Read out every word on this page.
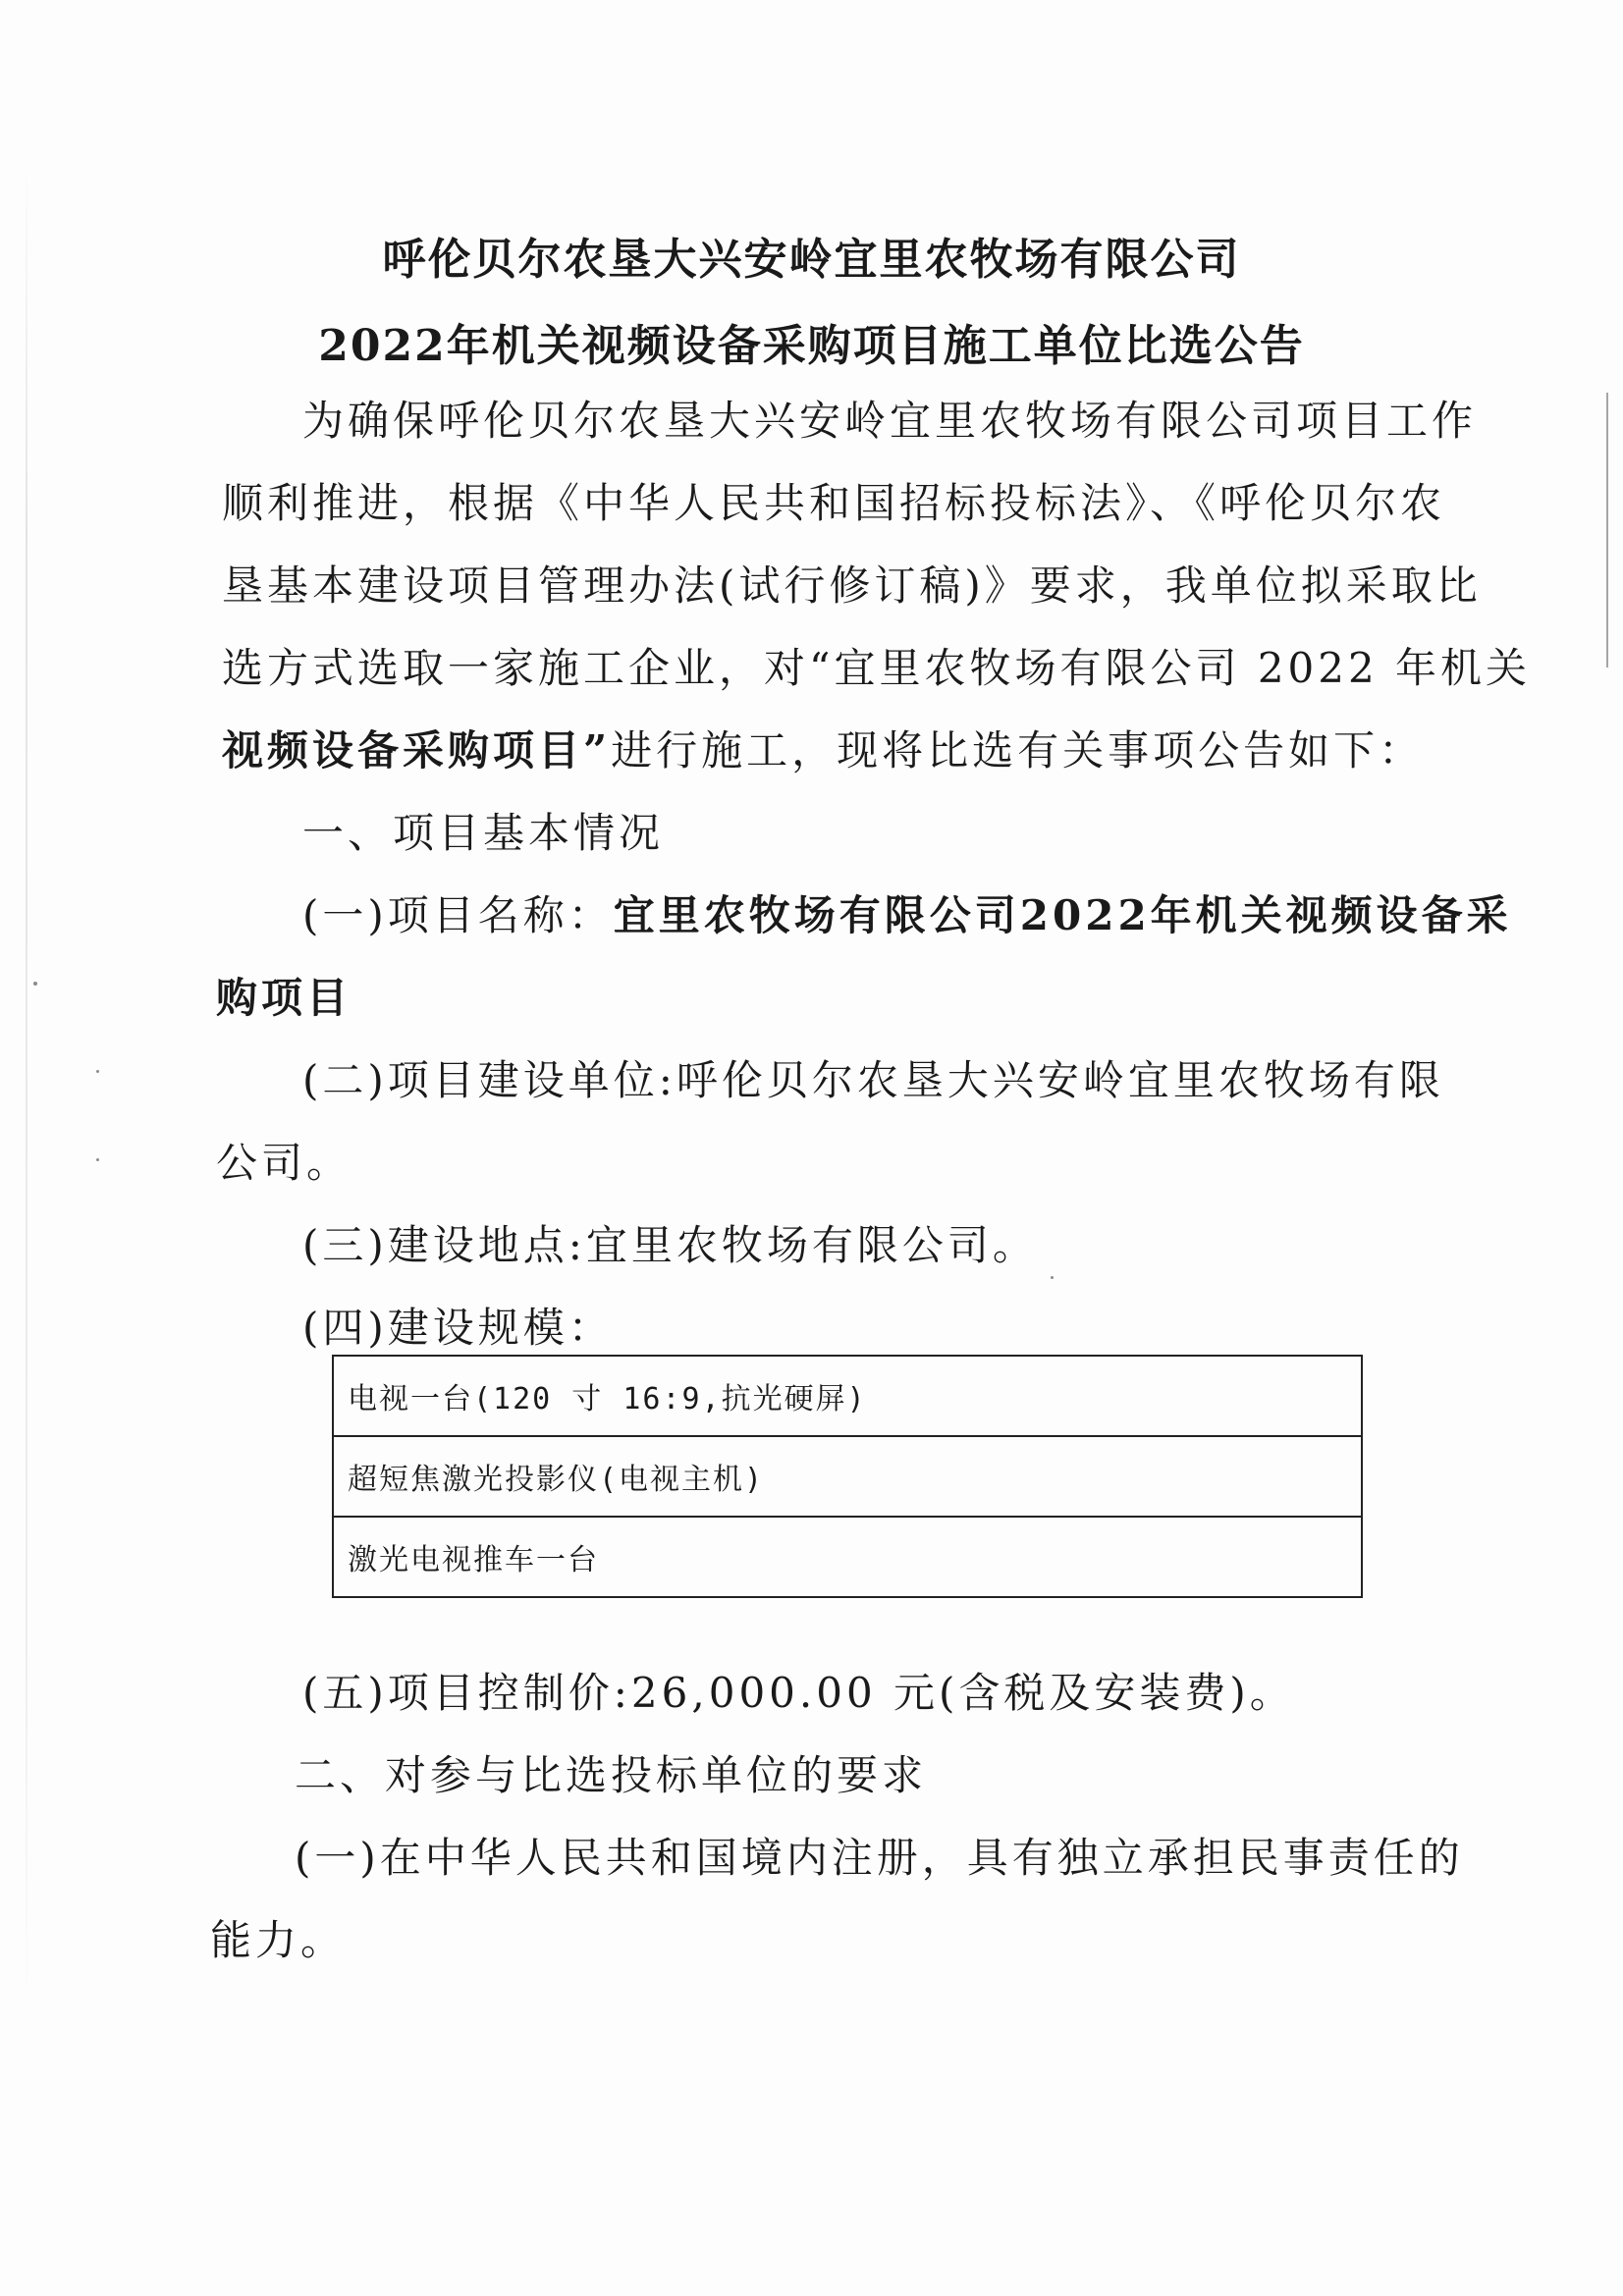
呼伦贝尔农垦大兴安岭宜里农牧场有限公司
2022年机关视频设备采购项目施工单位比选公告
为确保呼伦贝尔农垦大兴安岭宜里农牧场有限公司项目工作
顺利推进，根据《中华人民共和国招标投标法》、《呼伦贝尔农
垦基本建设项目管理办法(试行修订稿)》要求，我单位拟采取比
选方式选取一家施工企业，对“宜里农牧场有限公司 2022 年机关
视频设备采购项目”进行施工，现将比选有关事项公告如下：
一、项目基本情况
(一)项目名称：宜里农牧场有限公司2022年机关视频设备采
购项目
(二)项目建设单位:呼伦贝尔农垦大兴安岭宜里农牧场有限
公司。
(三)建设地点:宜里农牧场有限公司。
(四)建设规模：
电视一台(120 寸 16:9,抗光硬屏)
超短焦激光投影仪(电视主机)
激光电视推车一台
(五)项目控制价:26,000.00 元(含税及安装费)。
二、对参与比选投标单位的要求
(一)在中华人民共和国境内注册，具有独立承担民事责任的
能力。
